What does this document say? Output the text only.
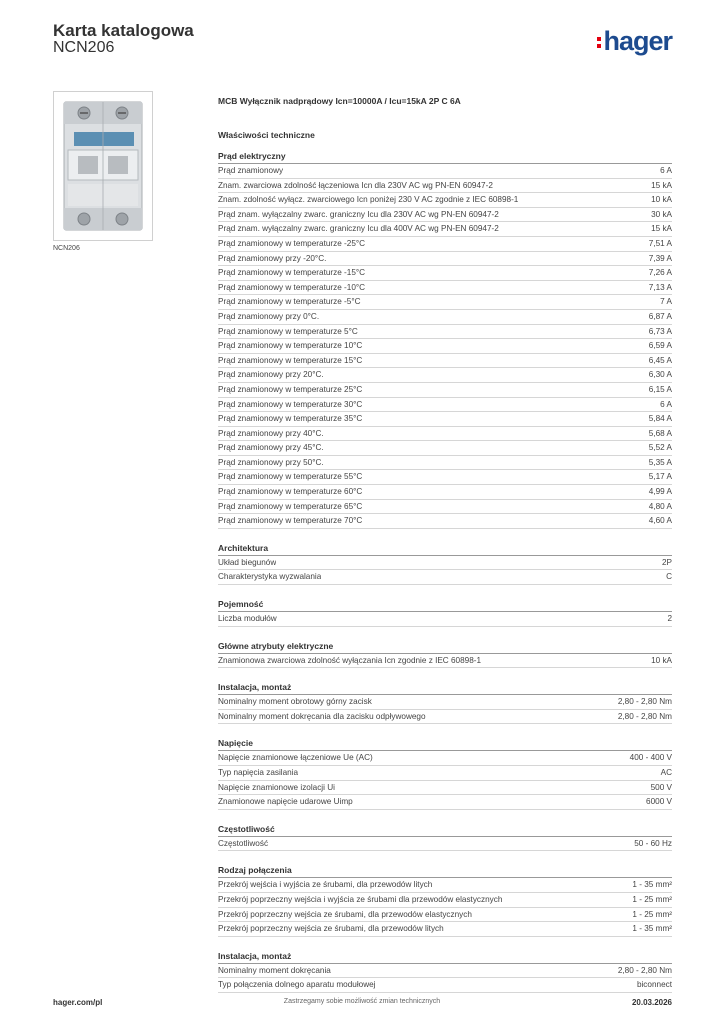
Karta katalogowa
NCN206	hager
NCN206
MCB Wyłącznik nadprądowy Icn=10000A / Icu=15kA 2P C 6A
Właściwości techniczne
Prąd elektryczny
Prąd znamionowy	6 A
Znam. zwarciowa zdolność łączeniowa Icn dla 230V AC wg PN-EN 60947-2	15 kA
Znam. zdolność wyłącz. zwarciowego Icn poniżej 230 V AC zgodnie z IEC 60898-1	10 kA
Prąd znam. wyłączalny zwarc. graniczny Icu dla 230V AC wg PN-EN 60947-2	30 kA
Prąd znam. wyłączalny zwarc. graniczny Icu dla 400V AC wg PN-EN 60947-2	15 kA
Prąd znamionowy w temperaturze -25°C	7,51 A
Prąd znamionowy przy -20°C.	7,39 A
Prąd znamionowy w temperaturze -15°C	7,26 A
Prąd znamionowy w temperaturze -10°C	7,13 A
Prąd znamionowy w temperaturze -5°C	7 A
Prąd znamionowy przy 0°C.	6,87 A
Prąd znamionowy w temperaturze 5°C	6,73 A
Prąd znamionowy w temperaturze 10°C	6,59 A
Prąd znamionowy w temperaturze 15°C	6,45 A
Prąd znamionowy przy 20°C.	6,30 A
Prąd znamionowy w temperaturze 25°C	6,15 A
Prąd znamionowy w temperaturze 30°C	6 A
Prąd znamionowy w temperaturze 35°C	5,84 A
Prąd znamionowy przy 40°C.	5,68 A
Prąd znamionowy przy 45°C.	5,52 A
Prąd znamionowy przy 50°C.	5,35 A
Prąd znamionowy w temperaturze 55°C	5,17 A
Prąd znamionowy w temperaturze 60°C	4,99 A
Prąd znamionowy w temperaturze 65°C	4,80 A
Prąd znamionowy w temperaturze 70°C	4,60 A
Architektura
Układ biegunów	2P
Charakterystyka wyzwalania	C
Pojemność
Liczba modułów	2
Główne atrybuty elektryczne
Znamionowa zwarciowa zdolność wyłączania Icn zgodnie z IEC 60898-1	10 kA
Instalacja, montaż
Nominalny moment obrotowy górny zacisk	2,80 - 2,80 Nm
Nominalny moment dokręcania dla zacisku odpływowego	2,80 - 2,80 Nm
Napięcie
Napięcie znamionowe łączeniowe Ue (AC)	400 - 400 V
Typ napięcia zasilania	AC
Napięcie znamionowe izolacji Ui	500 V
Znamionowe napięcie udarowe Uimp	6000 V
Częstotliwość
Częstotliwość	50 - 60 Hz
Rodzaj połączenia
Przekrój wejścia i wyjścia ze śrubami, dla przewodów litych	1 - 35 mm²
Przekrój poprzeczny wejścia i wyjścia ze śrubami dla przewodów elastycznych	1 - 25 mm²
Przekrój poprzeczny wejścia ze śrubami, dla przewodów elastycznych	1 - 25 mm²
Przekrój poprzeczny wejścia ze śrubami, dla przewodów litych	1 - 35 mm²
Instalacja, montaż
Nominalny moment dokręcania	2,80 - 2,80 Nm
Typ połączenia dolnego aparatu modułowej	biconnect
hager.com/pl	Zastrzegamy sobie możliwość zmian technicznych	20.03.2026
